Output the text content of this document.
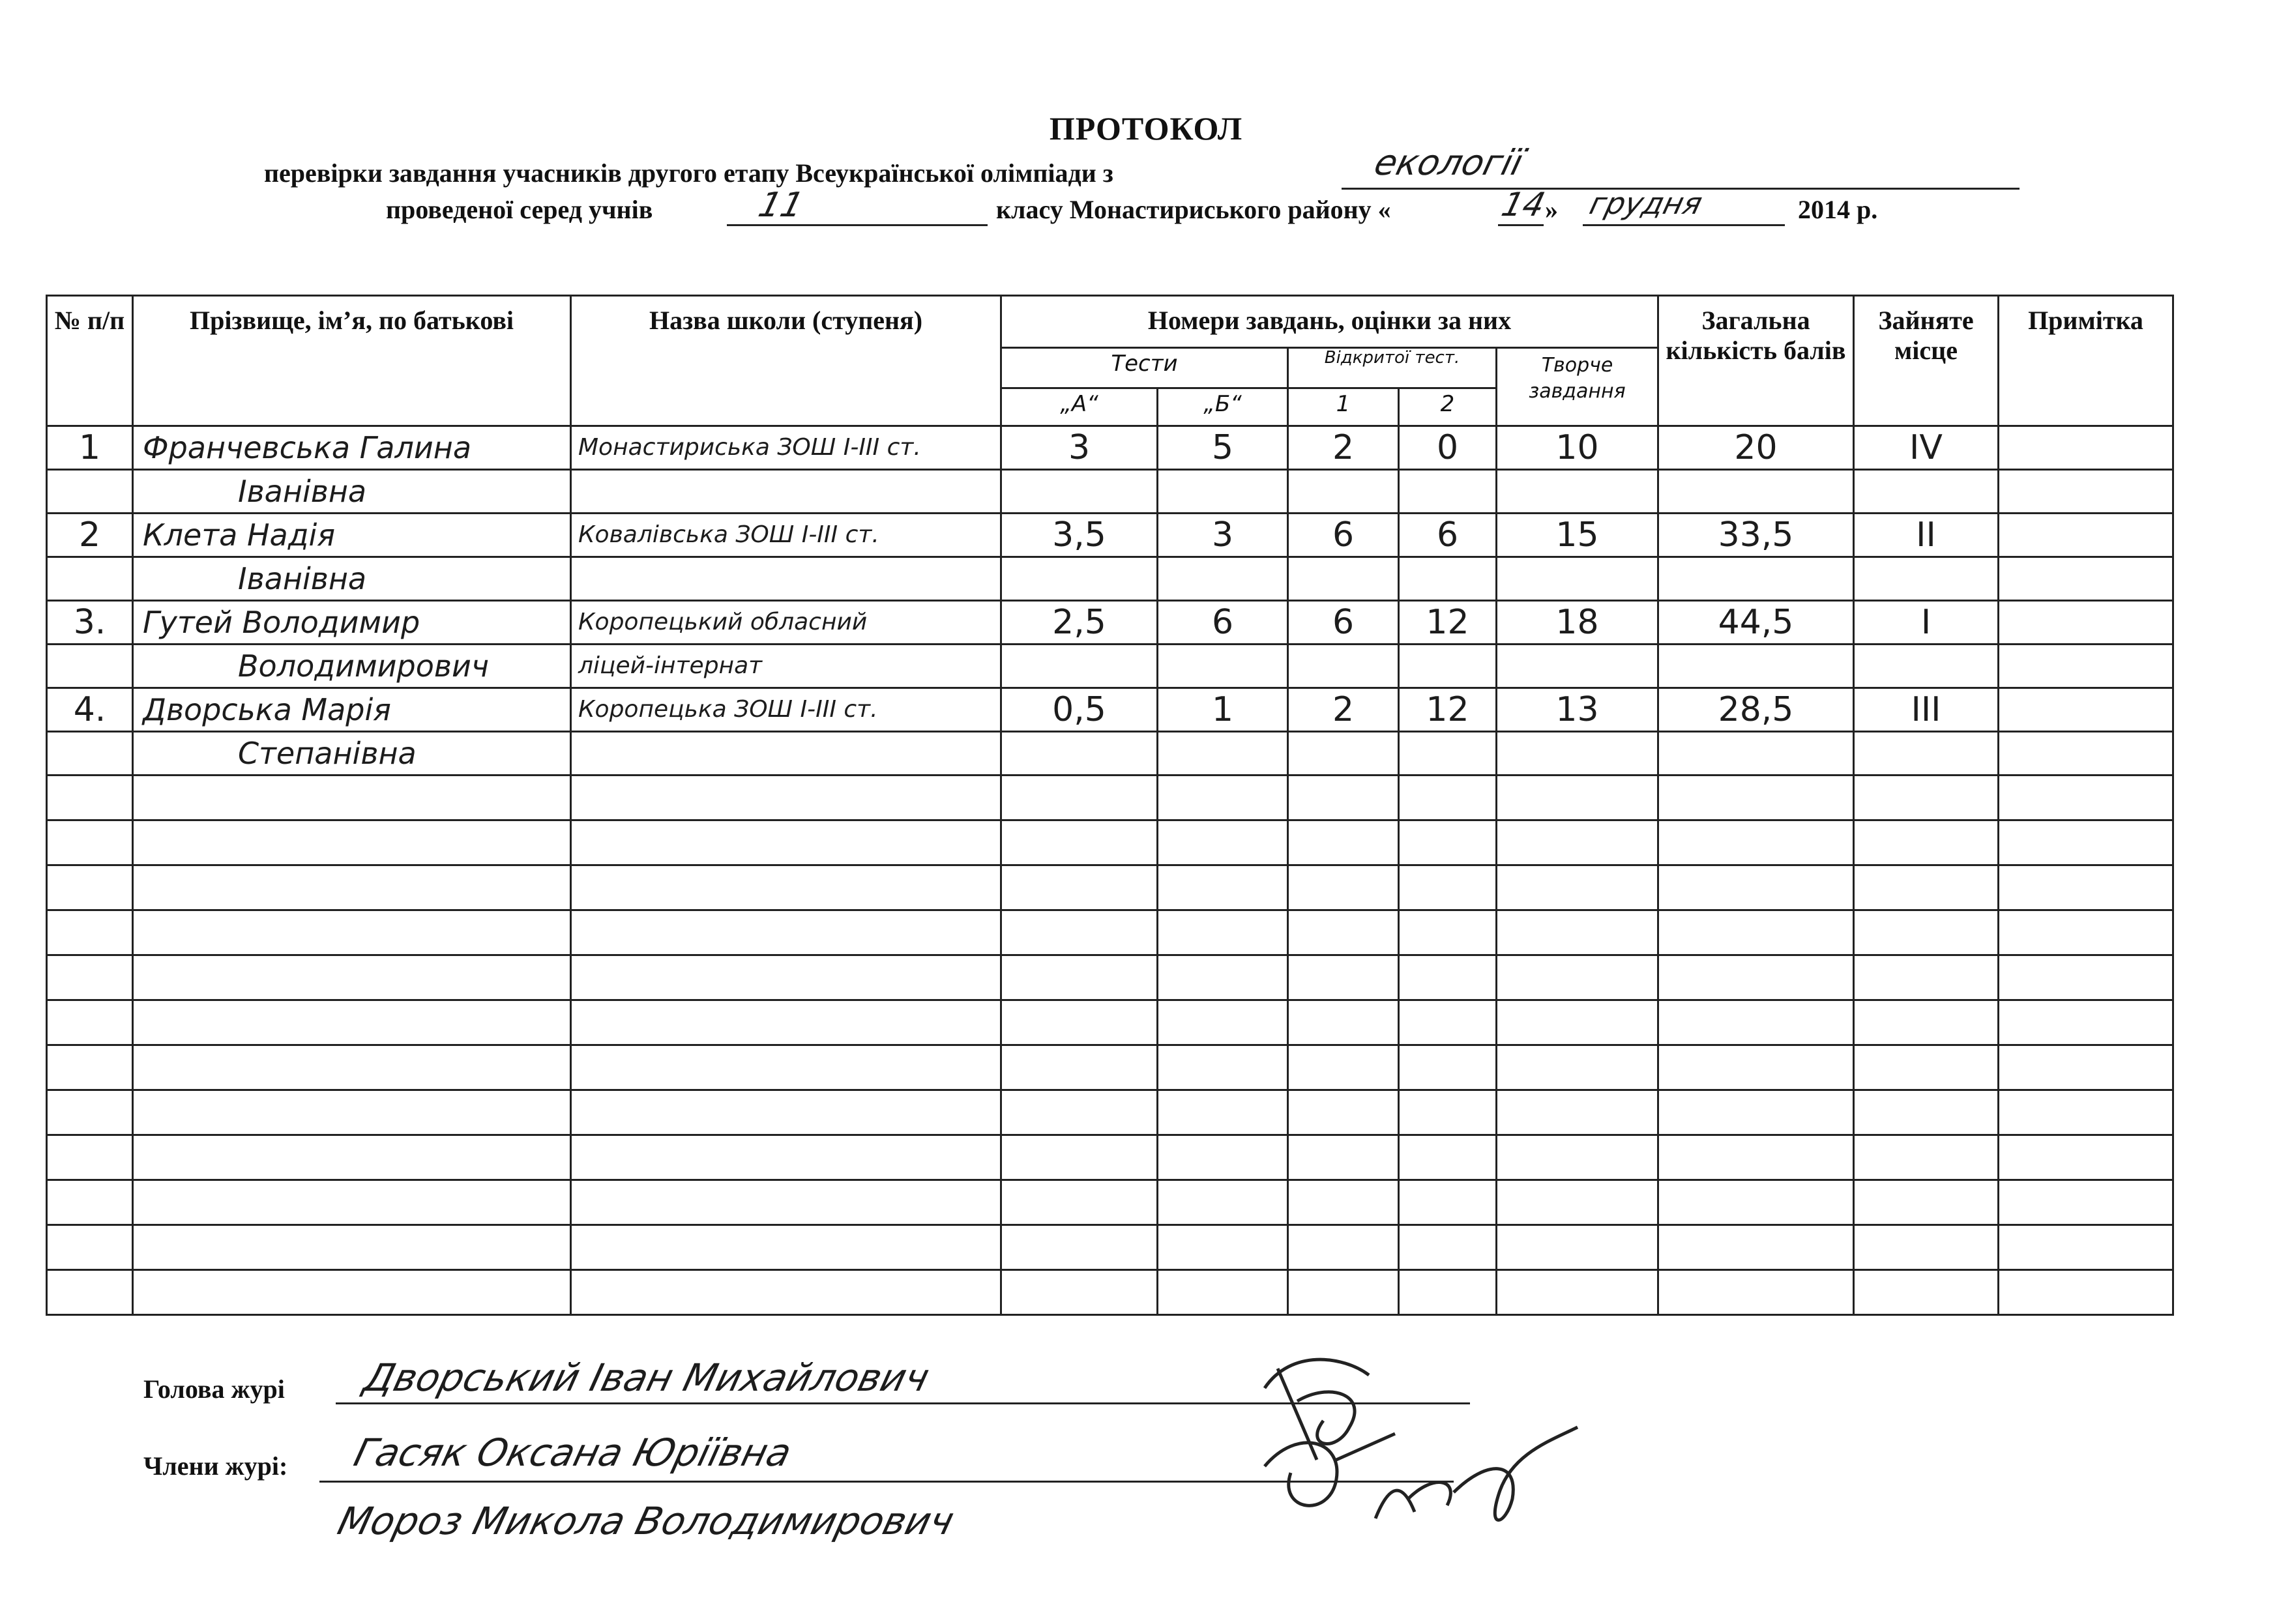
ПРОТОКОЛ
перевірки завдання учасників другого етапу Всеукраїнської олімпіади з	екології
проведеної серед учнів	11	класу Монастириського району «	14
» грудня	2014 р.
№ п/п	Прізвище, ім’я, по батькові	Назва школи (ступеня)	Номери завдань, оцінки за них					Загальна кількість балів	Зайняте місце	Примітка
			Тести		Відкритої тест.		Творче завдання			
			„А“	„Б“	1	2				
1	Франчевська Галина	Монастириська ЗОШ І-ІІІ ст.	3	5	2	0	10	20	IV	
	Іванівна									
2	Клета Надія	Ковалівська ЗОШ І-ІІІ ст.	3,5	3	6	6	15	33,5	II	
	Іванівна									
3.	Гутей Володимир	Коропецький обласний	2,5	6	6	12	18	44,5	I	
	Володимирович	ліцей-інтернат								
4.	Дворська Марія	Коропецька ЗОШ І-ІІІ ст.	0,5	1	2	12	13	28,5	III	
	Степанівна									

Голова журі Дворський Іван Михайлович
Члени журі: Гасяк Оксана Юріївна
Мороз Микола Володимирович
